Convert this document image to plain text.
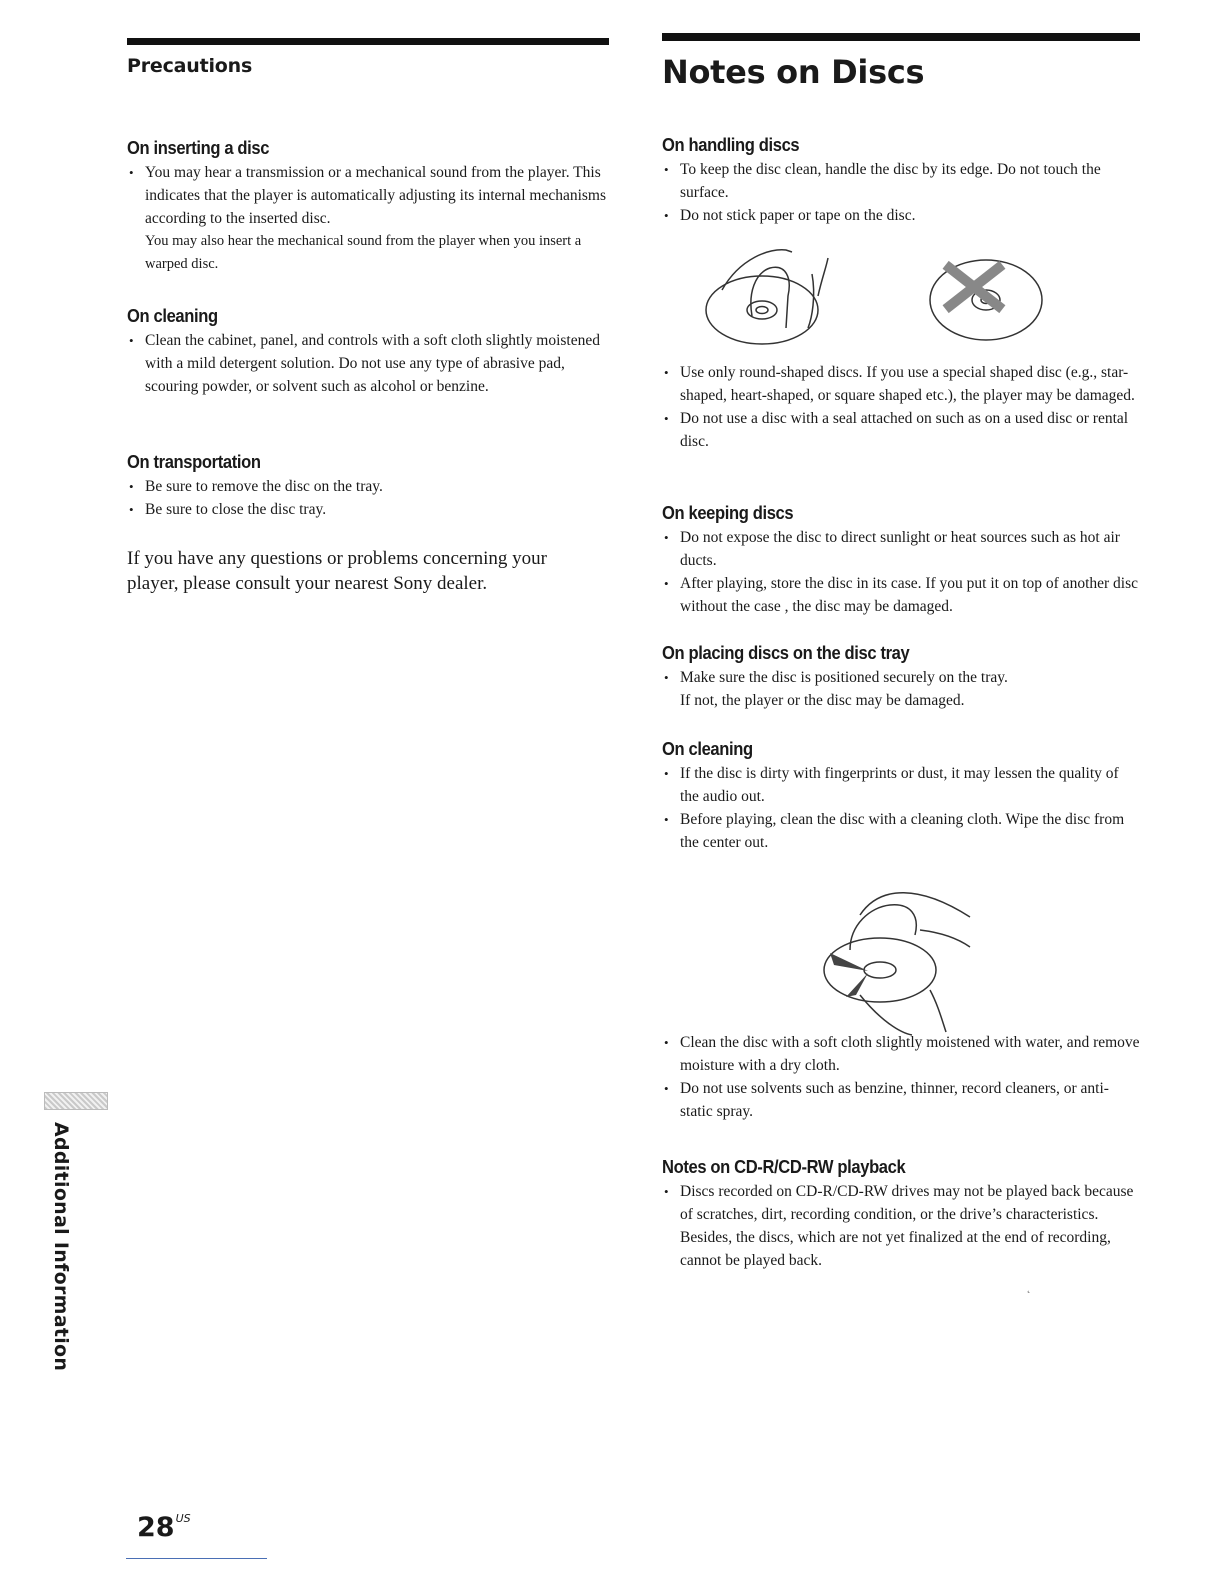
Precautions
On inserting a disc
• You may hear a transmission or a mechanical sound from the player. This indicates that the player is automatically adjusting its internal mechanisms according to the inserted disc.
You may also hear the mechanical sound from the player when you insert a warped disc.
On cleaning
• Clean the cabinet, panel, and controls with a soft cloth slightly moistened with a mild detergent solution. Do not use any type of abrasive pad, scouring powder, or solvent such as alcohol or benzine.
On transportation
• Be sure to remove the disc on the tray.
• Be sure to close the disc tray.
If you have any questions or problems concerning your player, please consult your nearest Sony dealer.
Notes on Discs
On handling discs
• To keep the disc clean, handle the disc by its edge. Do not touch the surface.
• Do not stick paper or tape on the disc.
• Use only round-shaped discs. If you use a special shaped disc (e.g., star-shaped, heart-shaped, or square shaped etc.), the player may be damaged.
• Do not use a disc with a seal attached on such as on a used disc or rental disc.
On keeping discs
• Do not expose the disc to direct sunlight or heat sources such as hot air ducts.
• After playing, store the disc in its case. If you put it on top of another disc without the case , the disc may be damaged.
On placing discs on the disc tray
• Make sure the disc is positioned securely on the tray.
If not, the player or the disc may be damaged.
On cleaning
• If the disc is dirty with fingerprints or dust, it may lessen the quality of the audio out.
• Before playing, clean the disc with a cleaning cloth. Wipe the disc from the center out.
• Clean the disc with a soft cloth slightly moistened with water, and remove moisture with a dry cloth.
• Do not use solvents such as benzine, thinner, record cleaners, or anti-static spray.
Notes on CD-R/CD-RW playback
• Discs recorded on CD-R/CD-RW drives may not be played back because of scratches, dirt, recording condition, or the drive’s characteristics. Besides, the discs, which are not yet finalized at the end of recording, cannot be played back.
Additional Information	˛
$28^{US}$
